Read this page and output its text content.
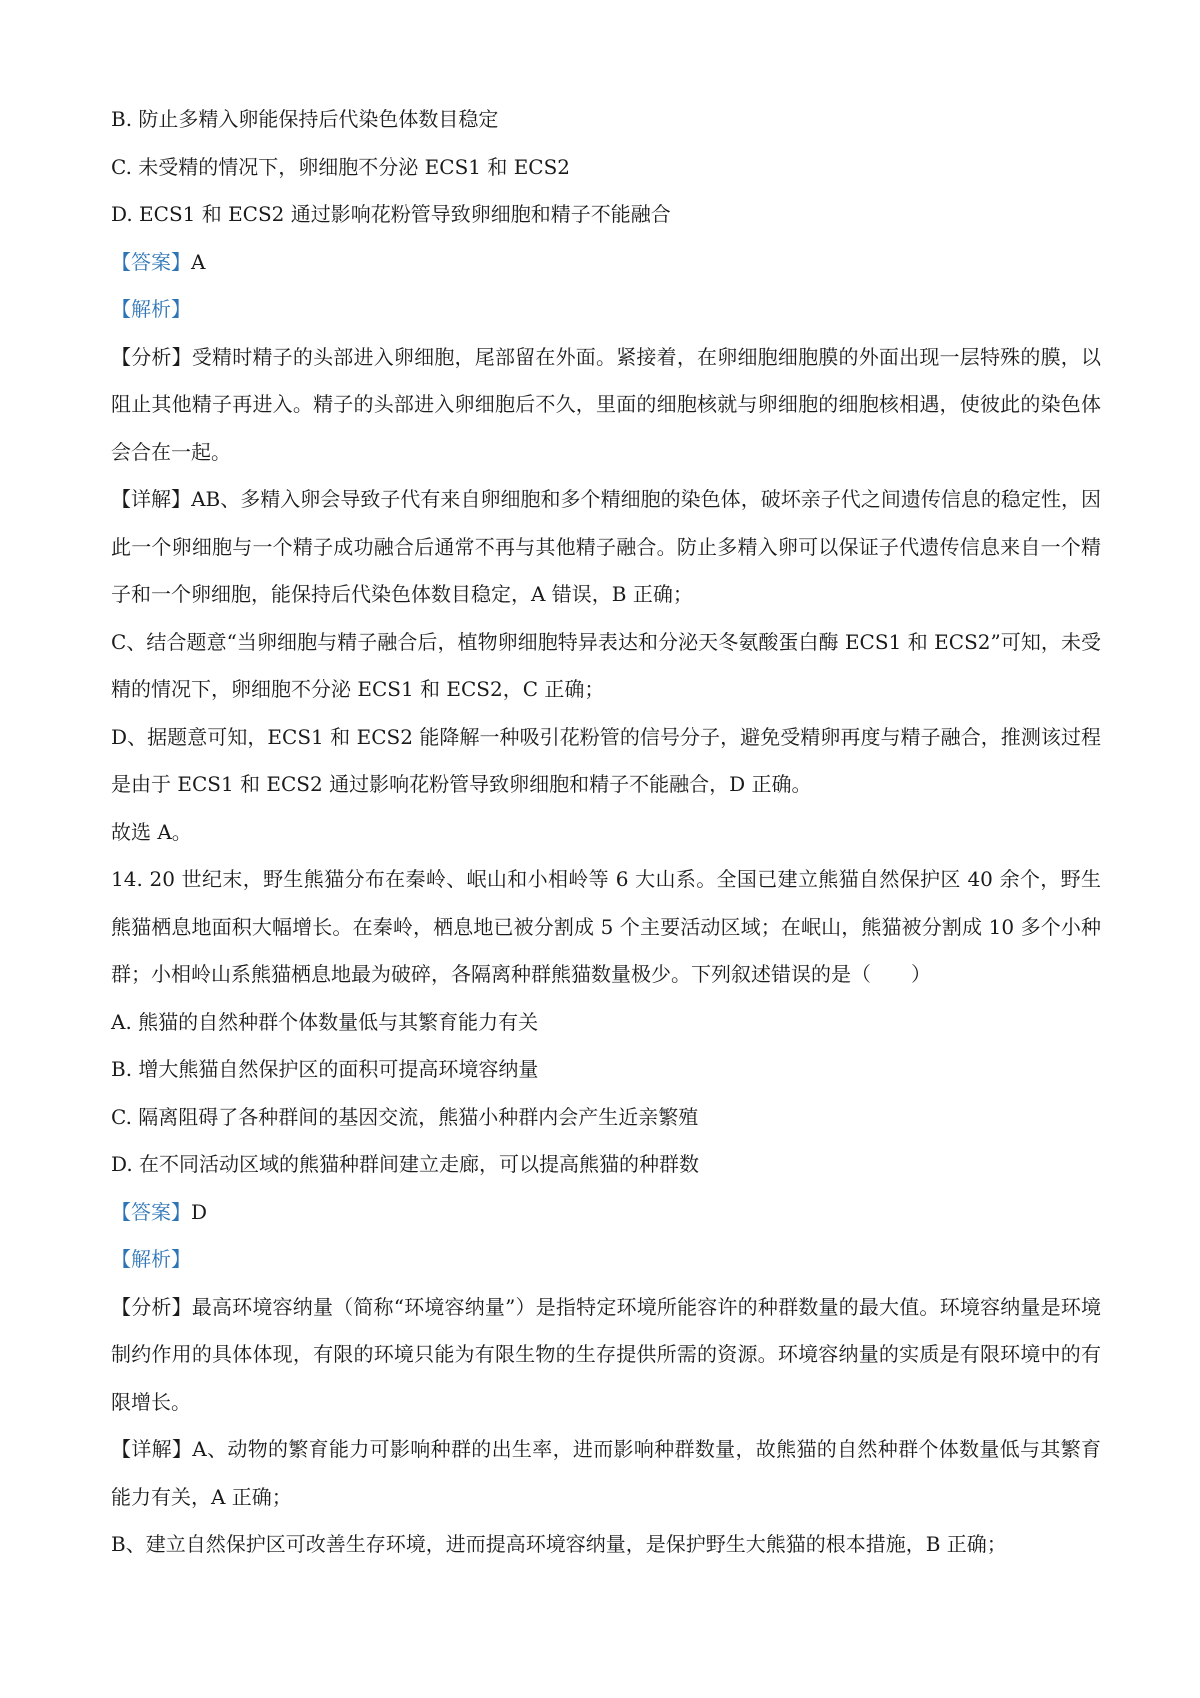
B. 防止多精入卵能保持后代染色体数目稳定
C. 未受精的情况下，卵细胞不分泌 ECS1 和 ECS2
D. ECS1 和 ECS2 通过影响花粉管导致卵细胞和精子不能融合
【答案】A
【解析】
【分析】受精时精子的头部进入卵细胞，尾部留在外面。紧接着，在卵细胞细胞膜的外面出现一层特殊的膜，以阻止其他精子再进入。精子的头部进入卵细胞后不久，里面的细胞核就与卵细胞的细胞核相遇，使彼此的染色体会合在一起。
【详解】AB、多精入卵会导致子代有来自卵细胞和多个精细胞的染色体，破坏亲子代之间遗传信息的稳定性，因此一个卵细胞与一个精子成功融合后通常不再与其他精子融合。防止多精入卵可以保证子代遗传信息来自一个精子和一个卵细胞，能保持后代染色体数目稳定，A 错误，B 正确；
C、结合题意“当卵细胞与精子融合后，植物卵细胞特异表达和分泌天冬氨酸蛋白酶 ECS1 和 ECS2”可知，未受精的情况下，卵细胞不分泌 ECS1 和 ECS2，C 正确；
D、据题意可知，ECS1 和 ECS2 能降解一种吸引花粉管的信号分子，避免受精卵再度与精子融合，推测该过程是由于 ECS1 和 ECS2 通过影响花粉管导致卵细胞和精子不能融合，D 正确。
故选 A。
14. 20 世纪末，野生熊猫分布在秦岭、岷山和小相岭等 6 大山系。全国已建立熊猫自然保护区 40 余个，野生熊猫栖息地面积大幅增长。在秦岭，栖息地已被分割成 5 个主要活动区域；在岷山，熊猫被分割成 10 多个小种群；小相岭山系熊猫栖息地最为破碎，各隔离种群熊猫数量极少。下列叙述错误的是（　　）
A. 熊猫的自然种群个体数量低与其繁育能力有关
B. 增大熊猫自然保护区的面积可提高环境容纳量
C. 隔离阻碍了各种群间的基因交流，熊猫小种群内会产生近亲繁殖
D. 在不同活动区域的熊猫种群间建立走廊，可以提高熊猫的种群数
【答案】D
【解析】
【分析】最高环境容纳量（简称“环境容纳量”）是指特定环境所能容许的种群数量的最大值。环境容纳量是环境制约作用的具体体现，有限的环境只能为有限生物的生存提供所需的资源。环境容纳量的实质是有限环境中的有限增长。
【详解】A、动物的繁育能力可影响种群的出生率，进而影响种群数量，故熊猫的自然种群个体数量低与其繁育能力有关，A 正确；
B、建立自然保护区可改善生存环境，进而提高环境容纳量，是保护野生大熊猫的根本措施，B 正确；
